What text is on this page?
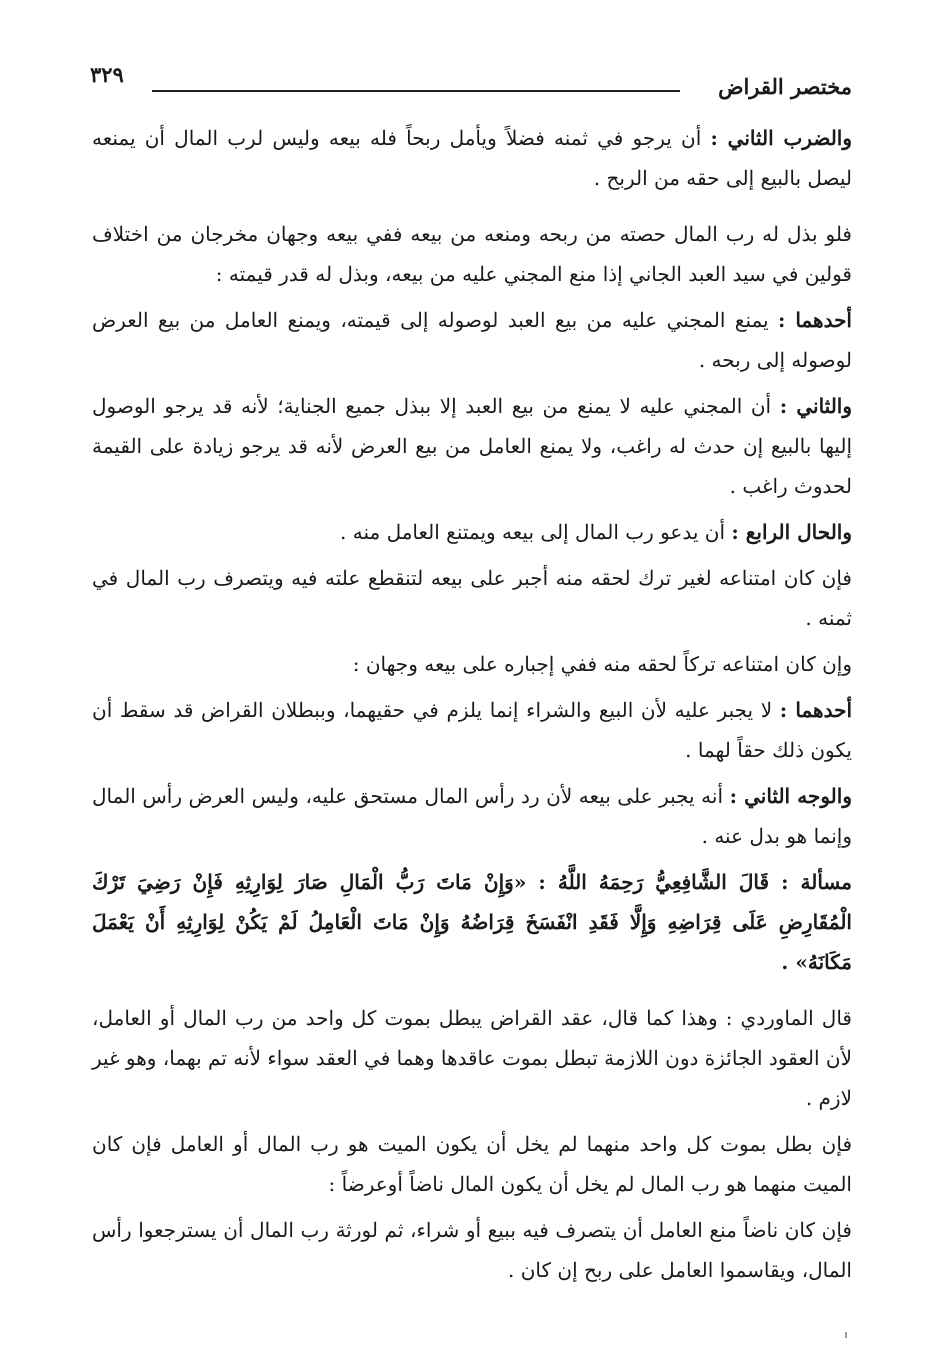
مختصر القراض
٣٢٩

والضرب الثاني : أن يرجو في ثمنه فضلاً ويأمل ربحاً فله بيعه وليس لرب المال أن يمنعه ليصل بالبيع إلى حقه من الربح .

فلو بذل له رب المال حصته من ربحه ومنعه من بيعه ففي بيعه وجهان مخرجان من اختلاف قولين في سيد العبد الجاني إذا منع المجني عليه من بيعه، وبذل له قدر قيمته :

أحدهما : يمنع المجني عليه من بيع العبد لوصوله إلى قيمته، ويمنع العامل من بيع العرض لوصوله إلى ربحه .

والثاني : أن المجني عليه لا يمنع من بيع العبد إلا ببذل جميع الجناية؛ لأنه قد يرجو الوصول إليها بالبيع إن حدث له راغب، ولا يمنع العامل من بيع العرض لأنه قد يرجو زيادة على القيمة لحدوث راغب .

والحال الرابع : أن يدعو رب المال إلى بيعه ويمتنع العامل منه .

فإن كان امتناعه لغير ترك لحقه منه أجبر على بيعه لتنقطع علته فيه ويتصرف رب المال في ثمنه .

وإن كان امتناعه تركاً لحقه منه ففي إجباره على بيعه وجهان :

أحدهما : لا يجبر عليه لأن البيع والشراء إنما يلزم في حقيهما، وببطلان القراض قد سقط أن يكون ذلك حقاً لهما .

والوجه الثاني : أنه يجبر على بيعه لأن رد رأس المال مستحق عليه، وليس العرض رأس المال وإنما هو بدل عنه .

مسألة : قَالَ الشَّافِعِيُّ رَحِمَهُ اللَّهُ : «وَإِنْ مَاتَ رَبُّ الْمَالِ صَارَ لِوَارِثِهِ فَإِنْ رَضِيَ تَرْكَ الْمُقَارِضِ عَلَى قِرَاضِهِ وَإِلَّا فَقَدِ انْفَسَخَ قِرَاضُهُ وَإِنْ مَاتَ الْعَامِلُ لَمْ يَكُنْ لِوَارِثِهِ أَنْ يَعْمَلَ مَكَانَهُ» .

قال الماوردي : وهذا كما قال، عقد القراض يبطل بموت كل واحد من رب المال أو العامل، لأن العقود الجائزة دون اللازمة تبطل بموت عاقدها وهما في العقد سواء لأنه تم بهما، وهو غير لازم .

فإن بطل بموت كل واحد منهما لم يخل أن يكون الميت هو رب المال أو العامل فإن كان الميت منهما هو رب المال لم يخل أن يكون المال ناضاً أوعرضاً :

فإن كان ناضاً منع العامل أن يتصرف فيه ببيع أو شراء، ثم لورثة رب المال أن يسترجعوا رأس المال، ويقاسموا العامل على ربح إن كان .
